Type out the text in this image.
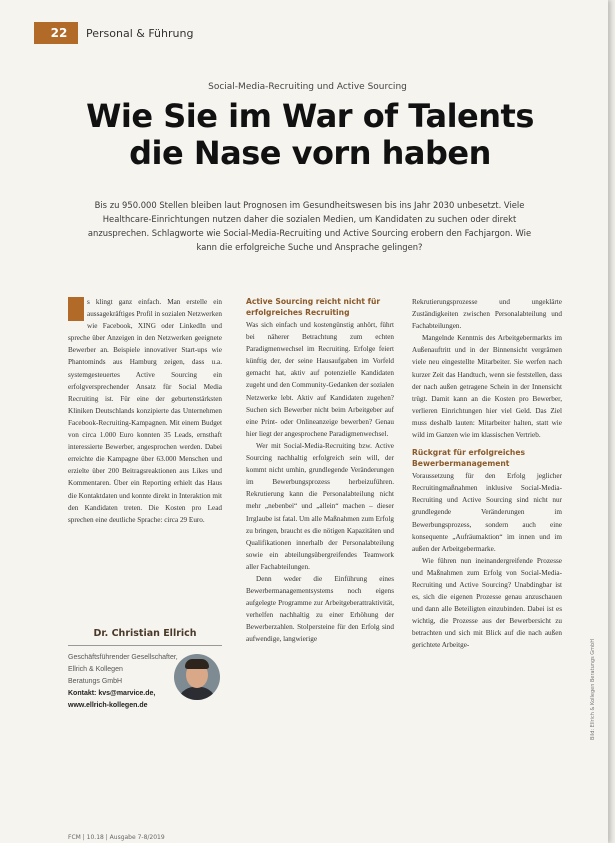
22	Personal & Führung
Social-Media-Recruiting und Active Sourcing
Wie Sie im War of Talents
die Nase vorn haben
Bis zu 950.000 Stellen bleiben laut Prognosen im Gesundheitswesen bis ins Jahr 2030 unbesetzt. Viele Healthcare-Einrichtungen nutzen daher die sozialen Medien, um Kandidaten zu suchen oder direkt anzusprechen. Schlagworte wie Social-Media-Recruiting und Active Sourcing erobern den Fachjargon. Wie kann die erfolgreiche Suche und Ansprache gelingen?

s klingt ganz einfach. Man erstelle ein aussagekräftiges Profil in sozialen Netzwerken wie Facebook, XING oder LinkedIn und spreche über Anzeigen in den Netzwerken geeignete Bewerber an. Beispiele innovativer Start-ups wie Phantominds aus Hamburg zeigen, dass u.a. systemgesteuertes Active Sourcing ein erfolgversprechender Ansatz für Social Media Recruiting ist. Für eine der geburtenstärksten Kliniken Deutschlands konzipierte das Unternehmen Facebook-Recruiting-Kampagnen. Mit einem Budget von circa 1.000 Euro konnten 35 Leads, ernsthaft interessierte Bewerber, angesprochen werden. Dabei erreichte die Kampagne über 63.000 Menschen und erzielte über 200 Beitragsreaktionen aus Likes und Kommentaren. Über ein Reporting erhielt das Haus die Kontaktdaten und konnte direkt in Interaktion mit den Kandidaten treten. Die Kosten pro Lead sprechen eine deutliche Sprache: circa 29 Euro.

Dr. Christian Ellrich
Geschäftsführender Gesellschafter,
Ellrich & Kollegen
Beratungs GmbH
Kontakt: kvs@marvice.de,
www.ellrich-kollegen.de
Active Sourcing reicht nicht für erfolgreiches Recruiting

Was sich einfach und kostengünstig anhört, führt bei näherer Betrachtung zum echten Paradigmenwechsel im Recruiting. Erfolge feiert künftig der, der seine Hausaufgaben im Vorfeld gemacht hat, aktiv auf potenzielle Kandidaten zugeht und den Community-Gedanken der sozialen Netzwerke lebt. Aktiv auf Kandidaten zugehen? Suchen sich Bewerber nicht beim Arbeitgeber auf eine Print- oder Onlineanzeige bewerben? Genau hier liegt der angesprochene Paradigmenwechsel.

Wer mit Social-Media-Recruiting bzw. Active Sourcing nachhaltig erfolgreich sein will, der kommt nicht umhin, grundlegende Veränderungen im Bewerbungsprozess herbeizuführen. Rekrutierung kann die Personalabteilung nicht mehr „nebenbei“ und „allein“ machen – dieser Irrglaube ist fatal. Um alle Maßnahmen zum Erfolg zu bringen, braucht es die nötigen Kapazitäten und Qualifikationen innerhalb der Personalabteilung sowie ein abteilungsübergreifendes Teamwork aller Fachabteilungen.

Denn weder die Einführung eines Bewerbermanagementsystems noch eigens aufgelegte Programme zur Arbeitgeberattraktivität, verhelfen nachhaltig zu einer Erhöhung der Bewerberzahlen. Stolpersteine für den Erfolg sind aufwendige, langwierige

Rekrutierungsprozesse und ungeklärte Zuständigkeiten zwischen Personalabteilung und Fachabteilungen.

Mangelnde Kenntnis des Arbeitgebermarkts im Außenauftritt und in der Binnensicht vergrämen viele neu eingestellte Mitarbeiter. Sie werfen nach kurzer Zeit das Handtuch, wenn sie feststellen, dass der nach außen getragene Schein in der Innensicht trügt. Damit kann an die Kosten pro Bewerber, verlieren Einrichtungen hier viel Geld. Das Ziel muss deshalb lauten: Mitarbeiter halten, statt wie wild im Ganzen wie im klassischen Vertrieb.

Rückgrat für erfolgreiches Bewerbermanagement

Voraussetzung für den Erfolg jeglicher Recruitingmaßnahmen inklusive Social-Media-Recruiting und Active Sourcing sind nicht nur grundlegende Veränderungen im Bewerbungsprozess, sondern auch eine konsequente „Aufräumaktion“ im innen und im außen der Arbeitgebermarke.

Wie führen nun ineinandergreifende Prozesse und Maßnahmen zum Erfolg von Social-Media-Recruiting und Active Sourcing? Unabdingbar ist es, sich die eigenen Prozesse genau anzuschauen und dann alle Beteiligten einzubinden. Dabei ist es wichtig, die Prozesse aus der Bewerbersicht zu betrachten und sich mit Blick auf die nach außen gerichtete Arbeitge-	Bild: Ellrich & Kollegen Beratungs GmbH
FCM | 10.18 | Ausgabe 7-8/2019
